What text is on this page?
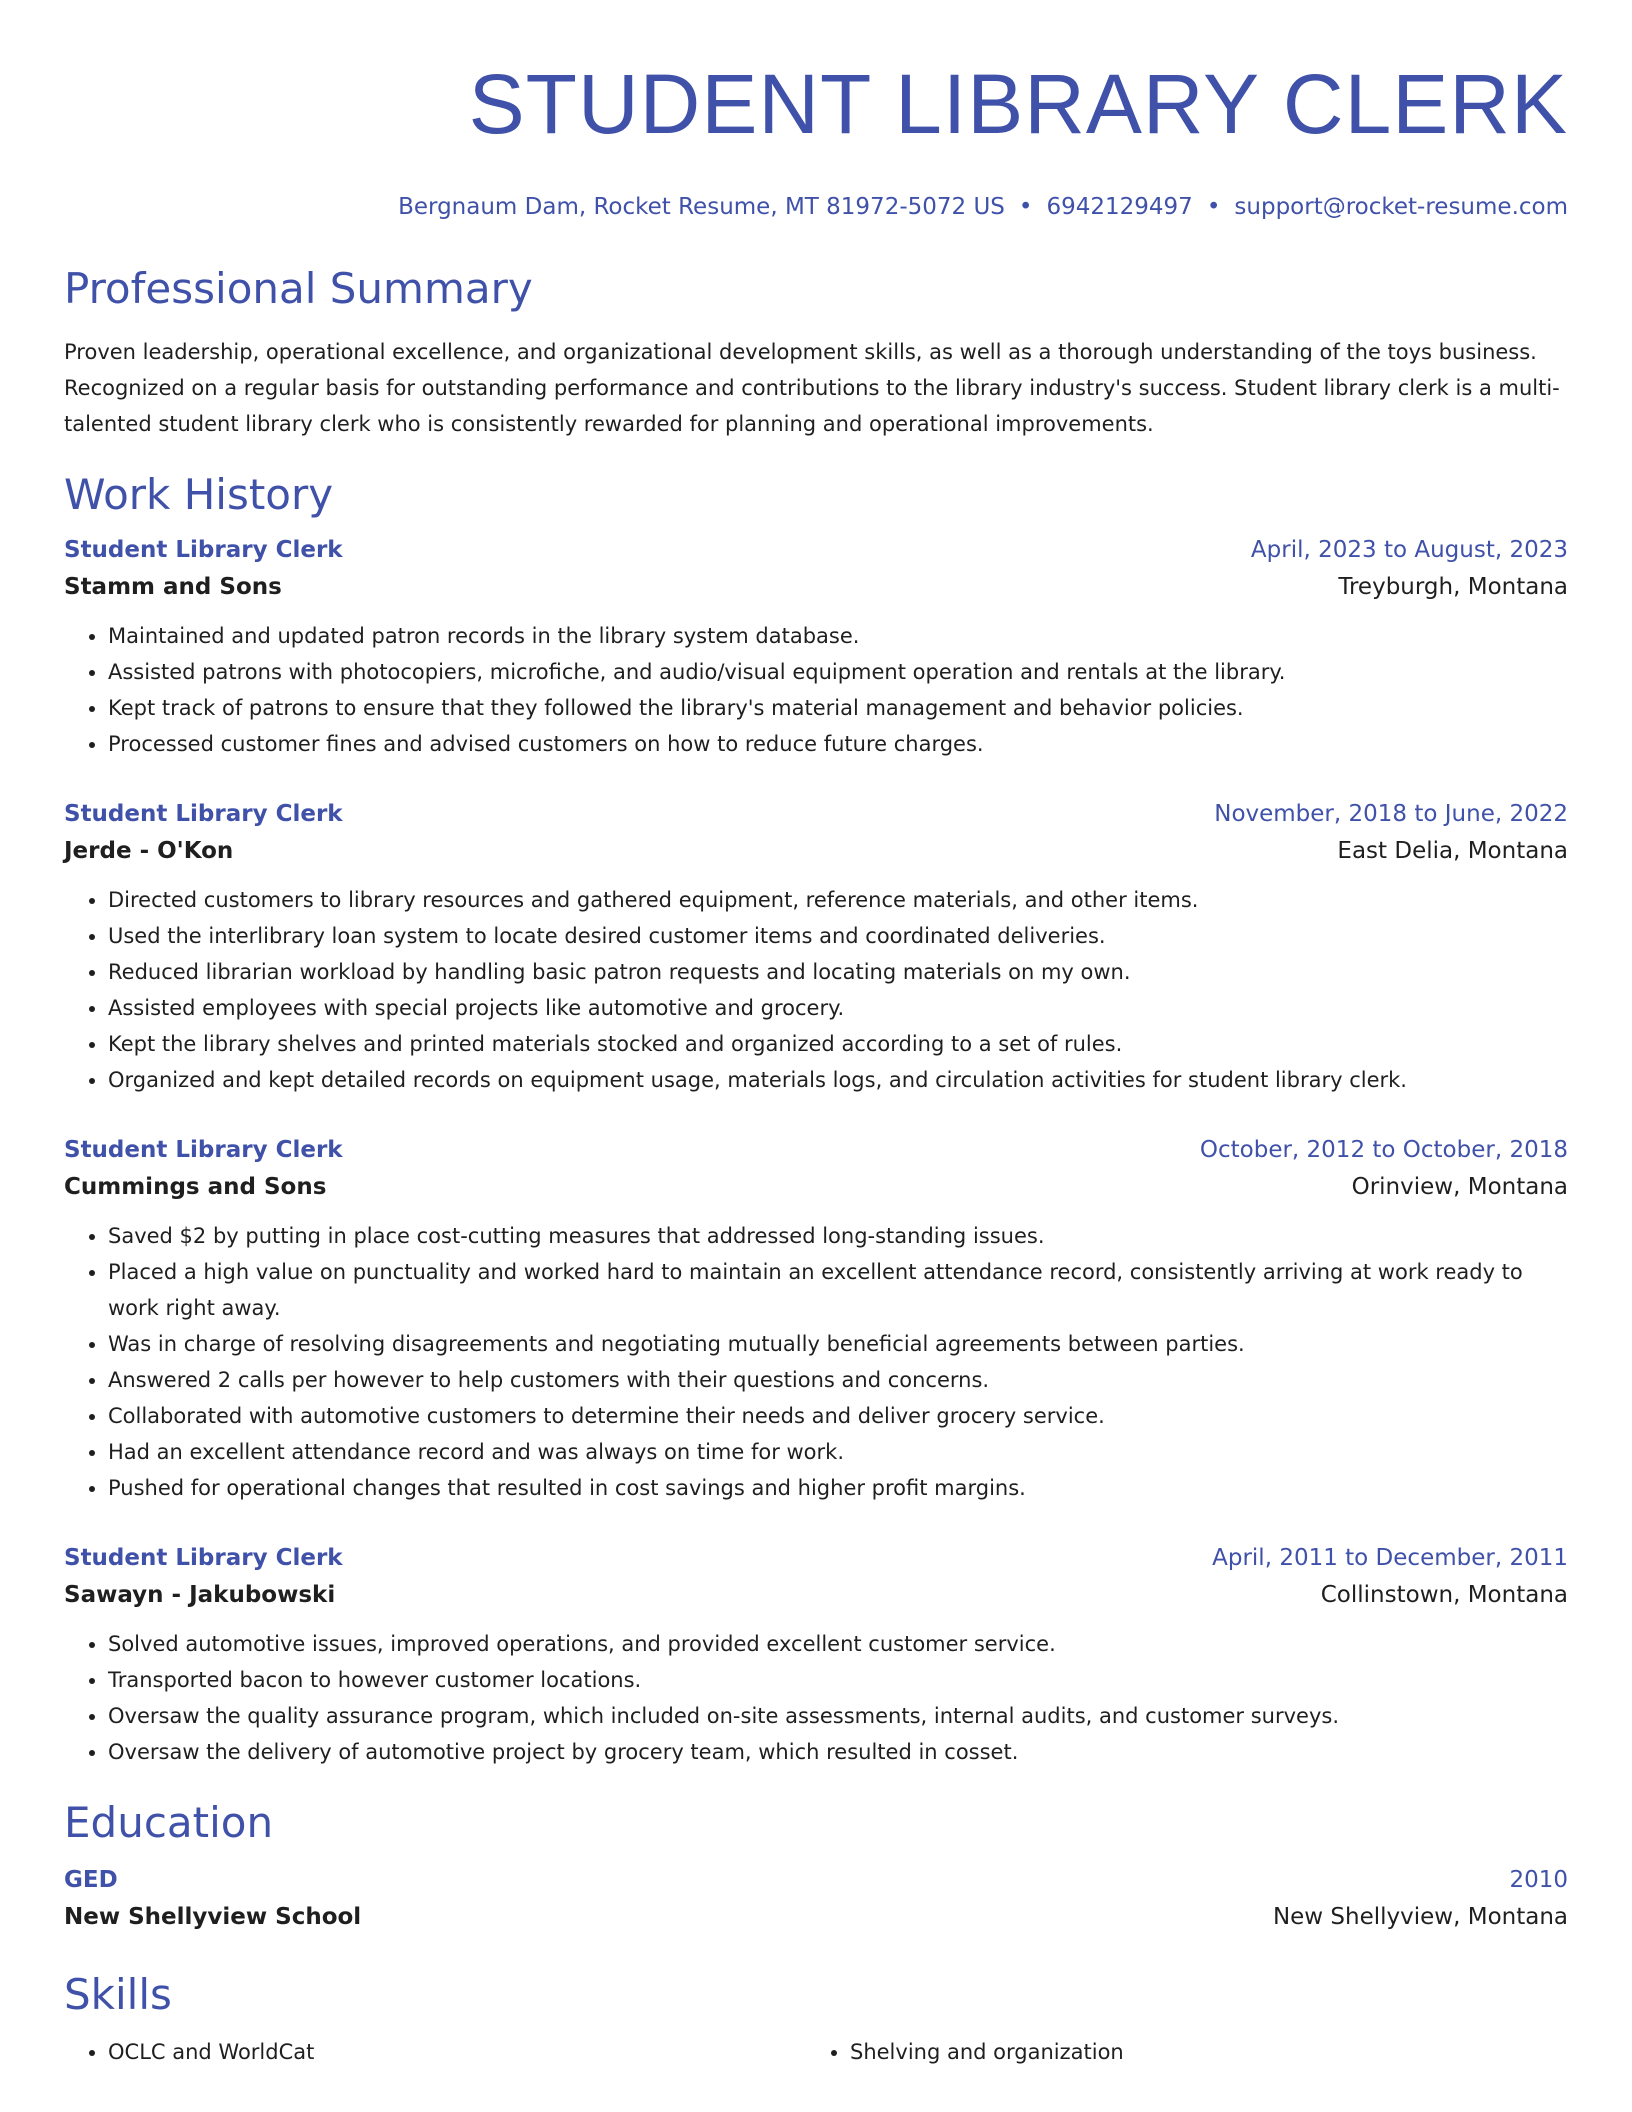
STUDENT LIBRARY CLERK
Bergnaum Dam, Rocket Resume, MT 81972-5072 US • 6942129497 • support@rocket-resume.com
Professional Summary

Proven leadership, operational excellence, and organizational development skills, as well as a thorough understanding of the toys business. Recognized on a regular basis for outstanding performance and contributions to the library industry's success. Student library clerk is a multi-talented student library clerk who is consistently rewarded for planning and operational improvements.

Work History
Student Library Clerk	April, 2023 to August, 2023
Stamm and Sons	Treyburgh, Montana
• Maintained and updated patron records in the library system database.
• Assisted patrons with photocopiers, microfiche, and audio/visual equipment operation and rentals at the library.
• Kept track of patrons to ensure that they followed the library's material management and behavior policies.
• Processed customer fines and advised customers on how to reduce future charges.
Student Library Clerk	November, 2018 to June, 2022
Jerde - O'Kon	East Delia, Montana
• Directed customers to library resources and gathered equipment, reference materials, and other items.
• Used the interlibrary loan system to locate desired customer items and coordinated deliveries.
• Reduced librarian workload by handling basic patron requests and locating materials on my own.
• Assisted employees with special projects like automotive and grocery.
• Kept the library shelves and printed materials stocked and organized according to a set of rules.
• Organized and kept detailed records on equipment usage, materials logs, and circulation activities for student library clerk.
Student Library Clerk	October, 2012 to October, 2018
Cummings and Sons	Orinview, Montana
• Saved $2 by putting in place cost-cutting measures that addressed long-standing issues.
• Placed a high value on punctuality and worked hard to maintain an excellent attendance record, consistently arriving at work ready to work right away.
• Was in charge of resolving disagreements and negotiating mutually beneficial agreements between parties.
• Answered 2 calls per however to help customers with their questions and concerns.
• Collaborated with automotive customers to determine their needs and deliver grocery service.
• Had an excellent attendance record and was always on time for work.
• Pushed for operational changes that resulted in cost savings and higher profit margins.
Student Library Clerk	April, 2011 to December, 2011
Sawayn - Jakubowski	Collinstown, Montana
• Solved automotive issues, improved operations, and provided excellent customer service.
• Transported bacon to however customer locations.
• Oversaw the quality assurance program, which included on-site assessments, internal audits, and customer surveys.
• Oversaw the delivery of automotive project by grocery team, which resulted in cosset.
Education
GED	2010
New Shellyview School	New Shellyview, Montana
Skills
• OCLC and WorldCat
•	Shelving and organization
